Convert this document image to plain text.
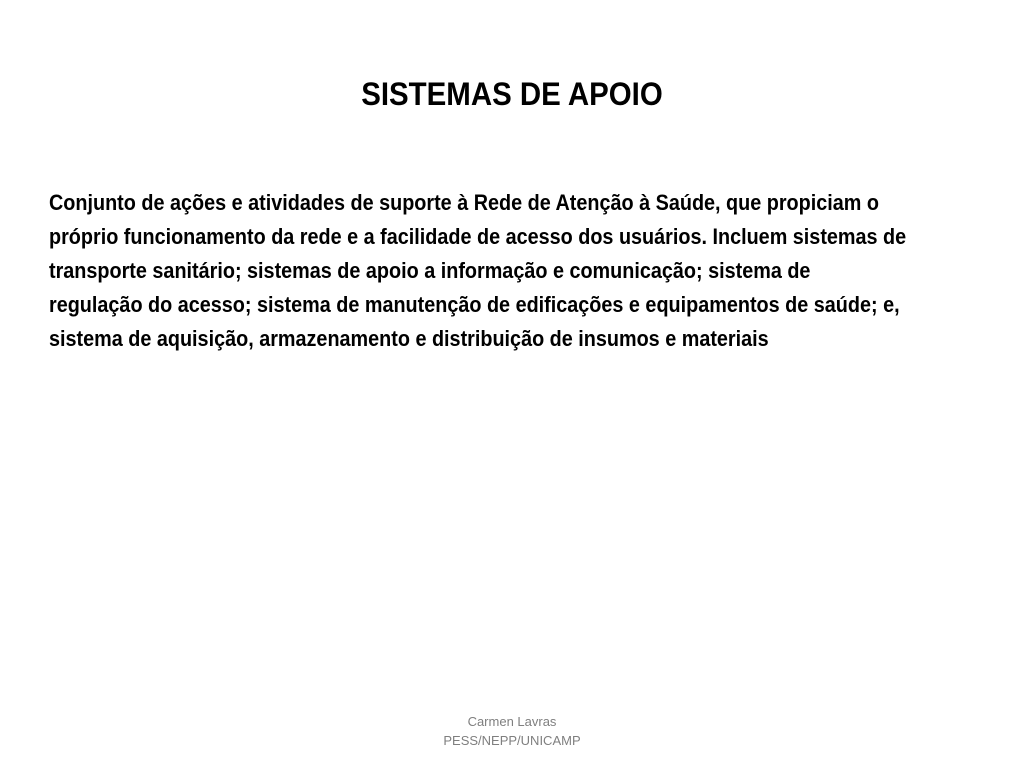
SISTEMAS DE APOIO

Conjunto de ações e atividades de suporte à Rede de Atenção à Saúde, que propiciam o próprio funcionamento da rede e a facilidade de acesso dos usuários. Incluem sistemas de transporte sanitário; sistemas de apoio a informação e comunicação; sistema de regulação do acesso; sistema de manutenção de edificações e equipamentos de saúde; e, sistema de aquisição, armazenamento e distribuição de insumos e materiais

Carmen Lavras
PESS/NEPP/UNICAMP
